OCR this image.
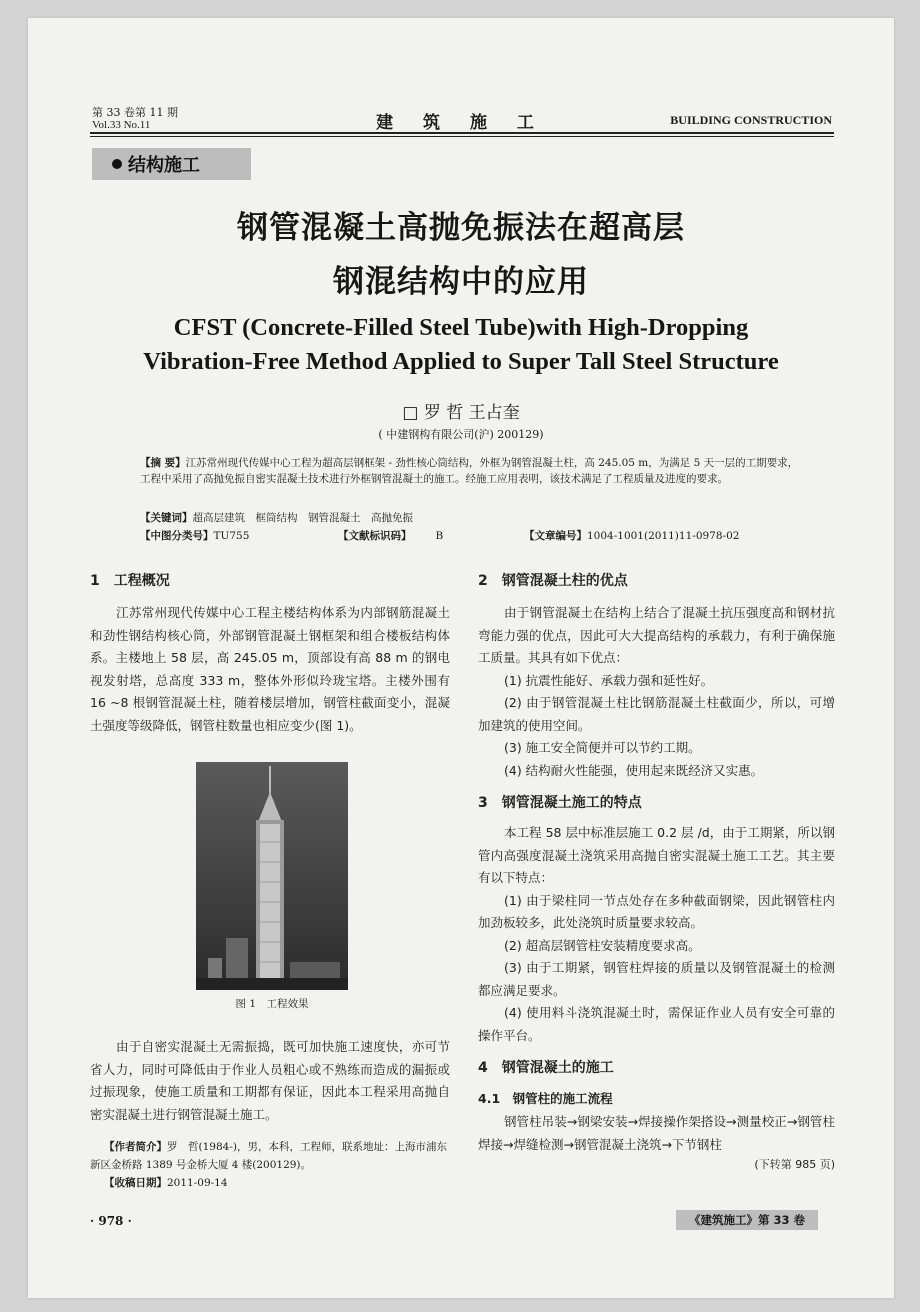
第 33 卷第 11 期
Vol.33 No.11	建 筑 施 工	BUILDING CONSTRUCTION
结构施工
钢管混凝土高抛免振法在超高层
钢混结构中的应用
CFST (Concrete-Filled Steel Tube)with High-Dropping
Vibration-Free Method Applied to Super Tall Steel Structure
□ 罗 哲 王占奎
( 中建钢构有限公司(沪) 200129)
【摘 要】江苏常州现代传媒中心工程为超高层钢框架 - 劲性核心筒结构，外框为钢管混凝土柱，高 245.05 m，为满足 5 天一层的工期要求，工程中采用了高抛免振自密实混凝土技术进行外框钢管混凝土的施工。经施工应用表明，该技术满足了工程质量及进度的要求。
【关键词】超高层建筑　框筒结构　钢管混凝土　高抛免振
【中图分类号】TU755	【文献标识码】 B	【文章编号】1004-1001(2011)11-0978-02
1　工程概况

江苏常州现代传媒中心工程主楼结构体系为内部钢筋混凝土和劲性钢结构核心筒，外部钢管混凝土钢框架和组合楼板结构体系。主楼地上 58 层，高 245.05 m，顶部设有高 88 m 的钢电视发射塔，总高度 333 m，整体外形似玲珑宝塔。主楼外围有 16 ~8 根钢管混凝土柱，随着楼层增加，钢管柱截面变小，混凝土强度等级降低，钢管柱数量也相应变少(图 1)。

图 1　工程效果

由于自密实混凝土无需振捣，既可加快施工速度快，亦可节省人力，同时可降低由于作业人员粗心或不熟练而造成的漏振或过振现象，使施工质量和工期都有保证，因此本工程采用高抛自密实混凝土进行钢管混凝土施工。

【作者简介】罗　哲(1984-)，男，本科，工程师，联系地址：上海市浦东新区金桥路 1389 号金桥大厦 4 楼(200129)。
【收稿日期】2011-09-14
· 978 ·
2　钢管混凝土柱的优点

由于钢管混凝土在结构上结合了混凝土抗压强度高和钢材抗弯能力强的优点，因此可大大提高结构的承载力，有利于确保施工质量。其具有如下优点：

(1) 抗震性能好、承载力强和延性好。
(2) 由于钢管混凝土柱比钢筋混凝土柱截面少，所以，可增加建筑的使用空间。
(3) 施工安全简便并可以节约工期。
(4) 结构耐火性能强，使用起来既经济又实惠。
3　钢管混凝土施工的特点

本工程 58 层中标准层施工 0.2 层 /d，由于工期紧，所以钢管内高强度混凝土浇筑采用高抛自密实混凝土施工工艺。其主要有以下特点：

(1) 由于梁柱同一节点处存在多种截面钢梁，因此钢管柱内加劲板较多，此处浇筑时质量要求较高。
(2) 超高层钢管柱安装精度要求高。
(3) 由于工期紧，钢管柱焊接的质量以及钢管混凝土的检测都应满足要求。
(4) 使用料斗浇筑混凝土时，需保证作业人员有安全可靠的操作平台。
4　钢管混凝土的施工
4.1　钢管柱的施工流程

钢管柱吊装→钢梁安装→焊接操作架搭设→测量校正→钢管柱焊接→焊缝检测→钢管混凝土浇筑→下节钢柱

(下转第 985 页)
《建筑施工》第 33 卷
